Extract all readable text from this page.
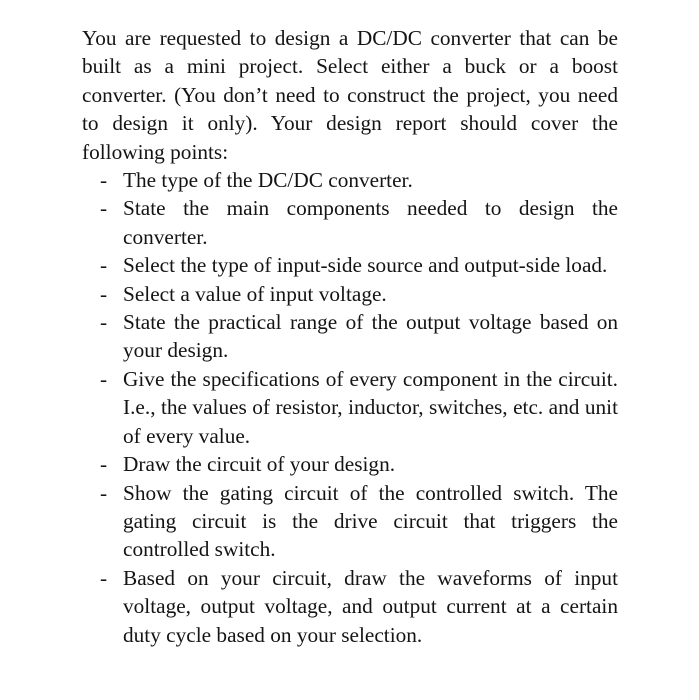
You are requested to design a DC/DC converter that can be built as a mini project. Select either a buck or a boost converter. (You don’t need to construct the project, you need to design it only). Your design report should cover the following points:

- The type of the DC/DC converter.
- State the main components needed to design the converter.
- Select the type of input-side source and output-side load.
- Select a value of input voltage.
- State the practical range of the output voltage based on your design.
- Give the specifications of every component in the circuit. I.e., the values of resistor, inductor, switches, etc. and unit of every value.
- Draw the circuit of your design.
- Show the gating circuit of the controlled switch. The gating circuit is the drive circuit that triggers the controlled switch.
- Based on your circuit, draw the waveforms of input voltage, output voltage, and output current at a certain duty cycle based on your selection.
